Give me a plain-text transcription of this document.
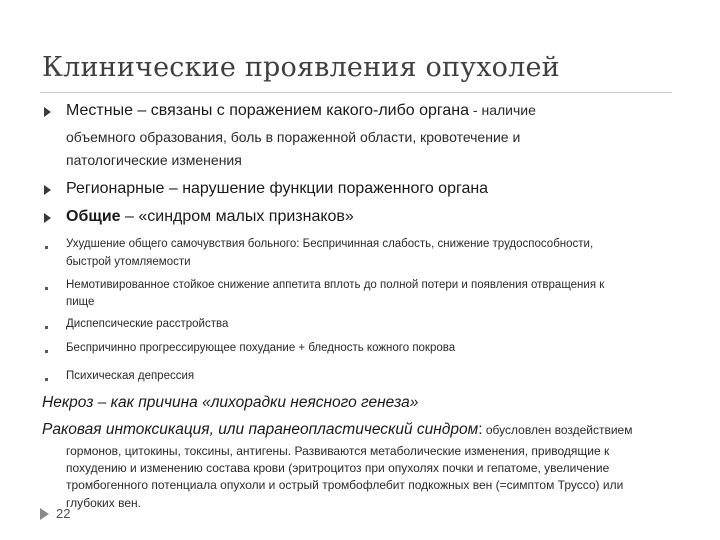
Клинические проявления опухолей
Местные – связаны с поражением какого-либо органа - наличие
объемного образования, боль в пораженной области, кровотечение и
патологические изменения
Регионарные – нарушение функции пораженного органа
Общие – «синдром малых признаков»
Ухудшение общего самочувствия больного: Беспричинная слабость, снижение трудоспособности,
быстрой утомляемости
Немотивированное стойкое снижение аппетита вплоть до полной потери и появления отвращения к
пище
Диспепсические расстройства
Беспричинно прогрессирующее похудание + бледность кожного покрова
Психическая депрессия
Некроз – как причина «лихорадки неясного генеза»
Раковая интоксикация, или паранеопластический синдром: обусловлен воздействием
гормонов, цитокины, токсины, антигены. Развиваются метаболические изменения, приводящие к
похудению и изменению состава крови (эритроцитоз при опухолях почки и гепатоме, увеличение
тромбогенного потенциала опухоли и острый тромбофлебит подкожных вен (=симптом Труссо) или
глубоких вен.
22
